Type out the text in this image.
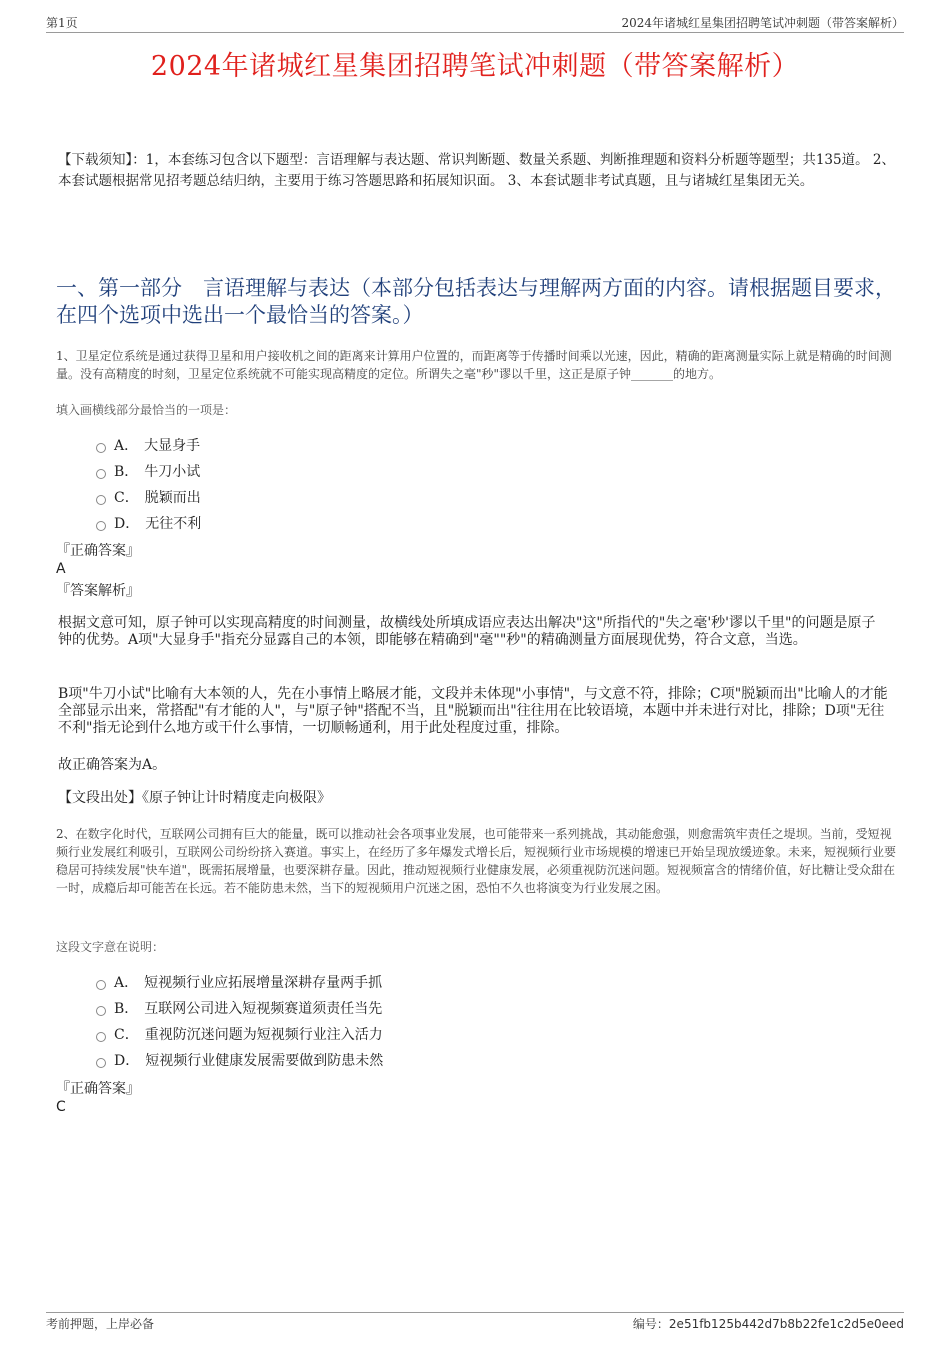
第1页	2024年诸城红星集团招聘笔试冲刺题（带答案解析）
2024年诸城红星集团招聘笔试冲刺题（带答案解析）
【下载须知】：1，本套练习包含以下题型：言语理解与表达题、常识判断题、数量关系题、判断推理题和资料分析题等题型；共135道。 2、本套试题根据常见招考题总结归纳，主要用于练习答题思路和拓展知识面。 3、本套试题非考试真题，且与诸城红星集团无关。
一、第一部分　言语理解与表达（本部分包括表达与理解两方面的内容。请根据题目要求，在四个选项中选出一个最恰当的答案。）

1、卫星定位系统是通过获得卫星和用户接收机之间的距离来计算用户位置的，而距离等于传播时间乘以光速，因此，精确的距离测量实际上就是精确的时间测量。没有高精度的时刻，卫星定位系统就不可能实现高精度的定位。所谓失之毫"秒"谬以千里，这正是原子钟_______的地方。

填入画横线部分最恰当的一项是：

A． 大显身手
B． 牛刀小试
C． 脱颖而出
D． 无往不利
『正确答案』
A
『答案解析』

根据文意可知，原子钟可以实现高精度的时间测量，故横线处所填成语应表达出解决"这"所指代的"失之毫'秒'谬以千里"的问题是原子钟的优势。A项"大显身手"指充分显露自己的本领，即能够在精确到"毫""秒"的精确测量方面展现优势，符合文意，当选。

B项"牛刀小试"比喻有大本领的人，先在小事情上略展才能，文段并未体现"小事情"，与文意不符，排除；C项"脱颖而出"比喻人的才能全部显示出来，常搭配"有才能的人"，与"原子钟"搭配不当，且"脱颖而出"往往用在比较语境，本题中并未进行对比，排除；D项"无往不利"指无论到什么地方或干什么事情，一切顺畅通利，用于此处程度过重，排除。

故正确答案为A。

【文段出处】《原子钟让计时精度走向极限》

2、在数字化时代，互联网公司拥有巨大的能量，既可以推动社会各项事业发展，也可能带来一系列挑战，其动能愈强，则愈需筑牢责任之堤坝。当前，受短视频行业发展红利吸引，互联网公司纷纷挤入赛道。事实上，在经历了多年爆发式增长后，短视频行业市场规模的增速已开始呈现放缓迹象。未来，短视频行业要稳居可持续发展"快车道"，既需拓展增量，也要深耕存量。因此，推动短视频行业健康发展，必须重视防沉迷问题。短视频富含的情绪价值，好比糖让受众甜在一时，成瘾后却可能苦在长远。若不能防患未然，当下的短视频用户沉迷之困，恐怕不久也将演变为行业发展之困。

这段文字意在说明：

A． 短视频行业应拓展增量深耕存量两手抓
B． 互联网公司进入短视频赛道须责任当先
C． 重视防沉迷问题为短视频行业注入活力
D． 短视频行业健康发展需要做到防患未然
『正确答案』
C
考前押题，上岸必备	编号：2e51fb125b442d7b8b22fe1c2d5e0eed
